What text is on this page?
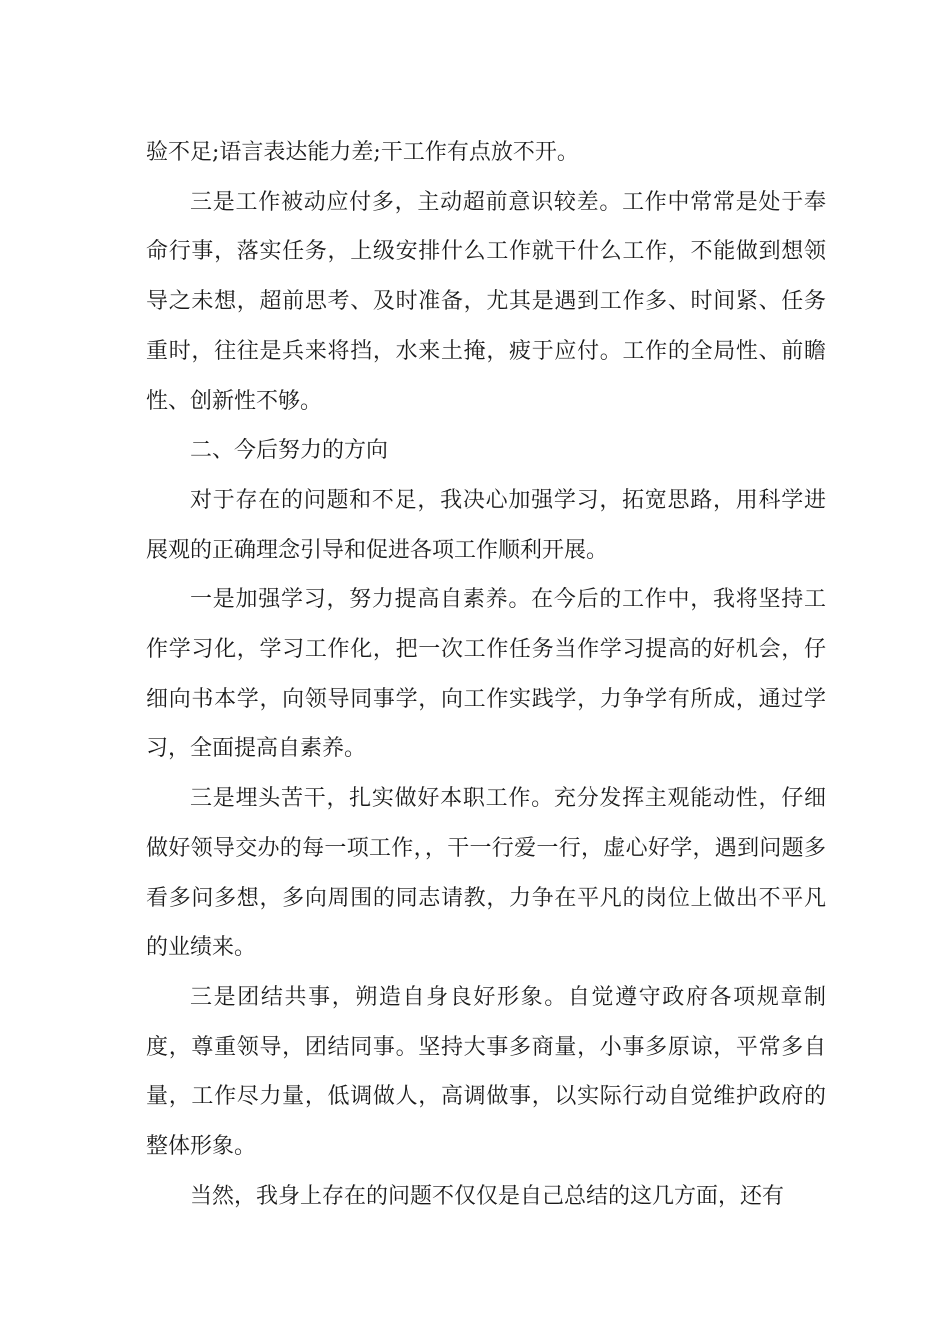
验不足;语言表达能力差;干工作有点放不开。

三是工作被动应付多，主动超前意识较差。工作中常常是处于奉命行事，落实任务，上级安排什么工作就干什么工作，不能做到想领导之未想，超前思考、及时准备，尤其是遇到工作多、时间紧、任务重时，往往是兵来将挡，水来土掩，疲于应付。工作的全局性、前瞻性、创新性不够。

二、今后努力的方向

对于存在的问题和不足，我决心加强学习，拓宽思路，用科学进展观的正确理念引导和促进各项工作顺利开展。

一是加强学习，努力提高自素养。在今后的工作中，我将坚持工作学习化，学习工作化，把一次工作任务当作学习提高的好机会，仔细向书本学，向领导同事学，向工作实践学，力争学有所成，通过学习，全面提高自素养。

三是埋头苦干，扎实做好本职工作。充分发挥主观能动性，仔细做好领导交办的每一项工作，，干一行爱一行，虚心好学，遇到问题多看多问多想，多向周围的同志请教，力争在平凡的岗位上做出不平凡的业绩来。

三是团结共事，朔造自身良好形象。自觉遵守政府各项规章制度，尊重领导，团结同事。坚持大事多商量，小事多原谅，平常多自量，工作尽力量，低调做人，高调做事，以实际行动自觉维护政府的整体形象。

当然，我身上存在的问题不仅仅是自己总结的这几方面，还有
